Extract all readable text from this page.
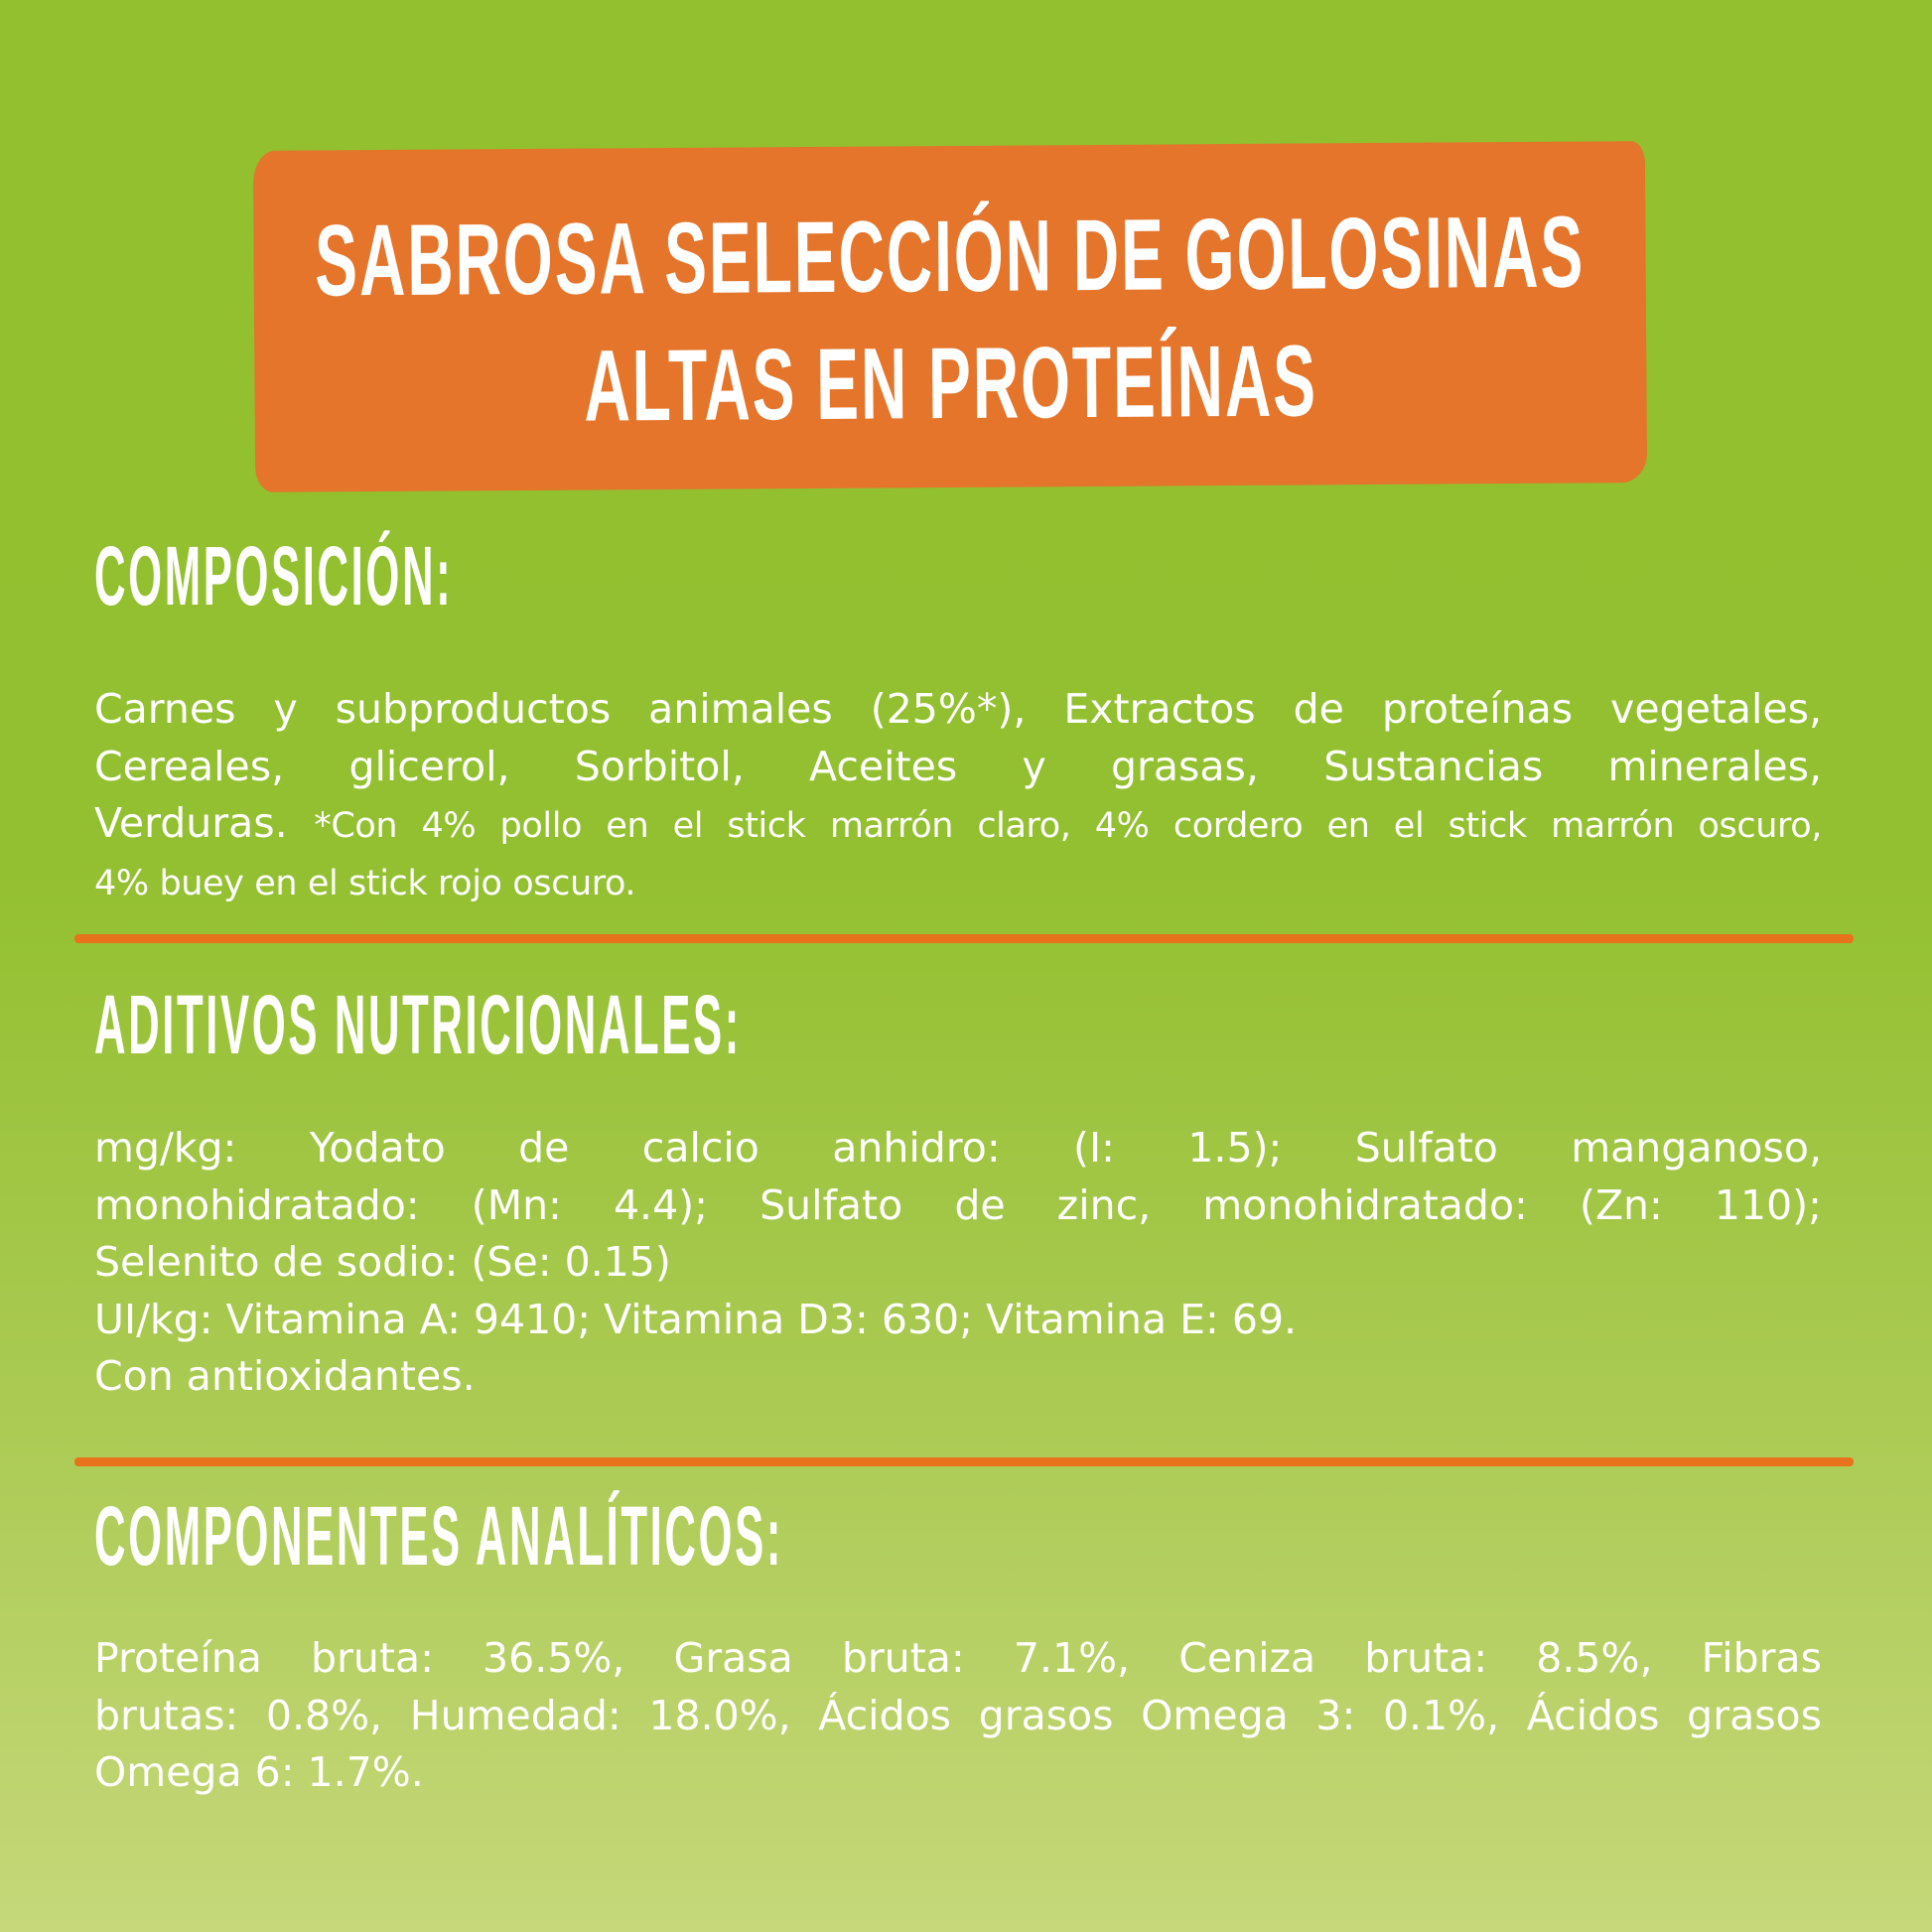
SABROSA SELECCIÓN DE GOLOSINAS
ALTAS EN PROTEÍNAS
COMPOSICIÓN:
Carnes y subproductos animales (25%*), Extractos de proteínas vegetales,
Cereales, glicerol, Sorbitol, Aceites y grasas, Sustancias minerales,
Verduras. *Con 4% pollo en el stick marrón claro, 4% cordero en el stick marrón oscuro,
4% buey en el stick rojo oscuro.
ADITIVOS NUTRICIONALES:
mg/kg: Yodato de calcio anhidro: (I: 1.5); Sulfato manganoso,
monohidratado: (Mn: 4.4); Sulfato de zinc, monohidratado: (Zn: 110);
Selenito de sodio: (Se: 0.15)
UI/kg: Vitamina A: 9410; Vitamina D3: 630; Vitamina E: 69.
Con antioxidantes.
COMPONENTES ANALÍTICOS:
Proteína bruta: 36.5%, Grasa bruta: 7.1%, Ceniza bruta: 8.5%, Fibras
brutas: 0.8%, Humedad: 18.0%, Ácidos grasos Omega 3: 0.1%, Ácidos grasos
Omega 6: 1.7%.
